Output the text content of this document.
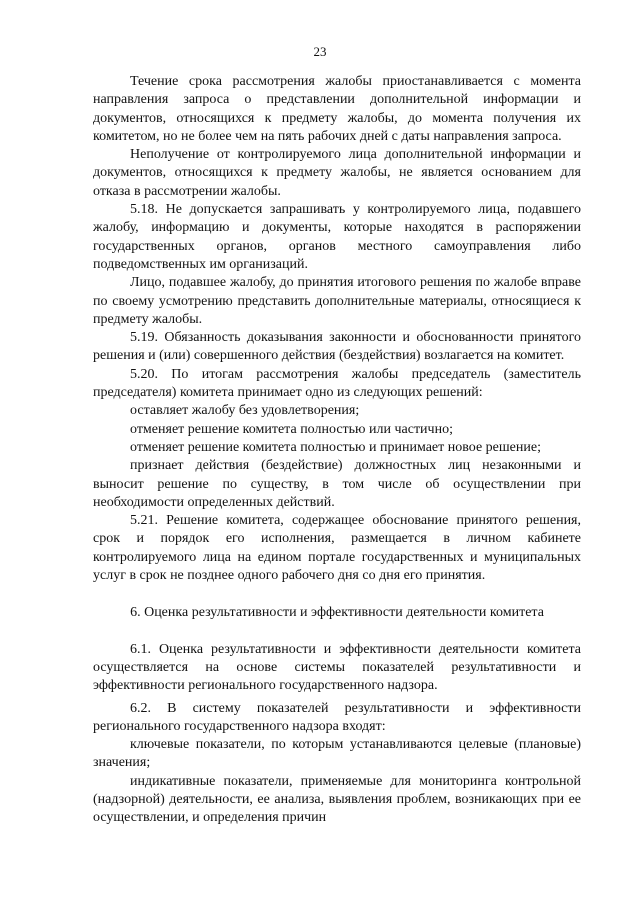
23

Течение срока рассмотрения жалобы приостанавливается с момента направления запроса о представлении дополнительной информации и документов, относящихся к предмету жалобы, до момента получения их комитетом, но не более чем на пять рабочих дней с даты направления запроса.

Неполучение от контролируемого лица дополнительной информации и документов, относящихся к предмету жалобы, не является основанием для отказа в рассмотрении жалобы.

5.18. Не допускается запрашивать у контролируемого лица, подавшего жалобу, информацию и документы, которые находятся в распоряжении государственных органов, органов местного самоуправления либо подведомственных им организаций.

Лицо, подавшее жалобу, до принятия итогового решения по жалобе вправе по своему усмотрению представить дополнительные материалы, относящиеся к предмету жалобы.

5.19. Обязанность доказывания законности и обоснованности принятого решения и (или) совершенного действия (бездействия) возлагается на комитет.

5.20. По итогам рассмотрения жалобы председатель (заместитель председателя) комитета принимает одно из следующих решений:

оставляет жалобу без удовлетворения;

отменяет решение комитета полностью или частично;

отменяет решение комитета полностью и принимает новое решение;

признает действия (бездействие) должностных лиц незаконными и выносит решение по существу, в том числе об осуществлении при необходимости определенных действий.

5.21. Решение комитета, содержащее обоснование принятого решения, срок и порядок его исполнения, размещается в личном кабинете контролируемого лица на едином портале государственных и муниципальных услуг в срок не позднее одного рабочего дня со дня его принятия.

6. Оценка результативности и эффективности деятельности комитета

6.1. Оценка результативности и эффективности деятельности комитета осуществляется на основе системы показателей результативности и эффективности регионального государственного надзора.

6.2. В систему показателей результативности и эффективности регионального государственного надзора входят:

ключевые показатели, по которым устанавливаются целевые (плановые) значения;

индикативные показатели, применяемые для мониторинга контрольной (надзорной) деятельности, ее анализа, выявления проблем, возникающих при ее осуществлении, и определения причин
